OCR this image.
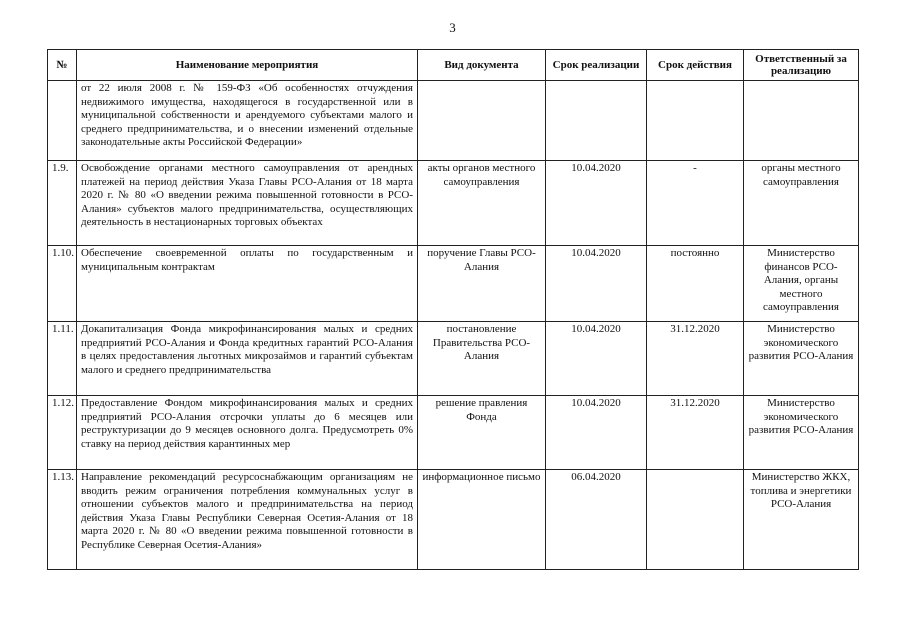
3
№	Наименование мероприятия	Вид документа	Срок реализации	Срок действия	Ответственный за реализацию
	от 22 июля 2008 г. № 159-ФЗ «Об особенностях отчуждения недвижимого имущества, находящегося в государственной или в муниципальной собственности и арендуемого субъектами малого и среднего предпринимательства, и о внесении изменений отдельные законодательные акты Российской Федерации»				
1.9.	Освобождение органами местного самоуправления от арендных платежей на период действия Указа Главы РСО-Алания от 18 марта 2020 г. № 80 «О введении режима повышенной готовности в РСО-Алания» субъектов малого предпринимательства, осуществляющих деятельность в нестационарных торговых объектах	акты органов местного самоуправления	10.04.2020	-	органы местного самоуправления
1.10.	Обеспечение своевременной оплаты по государственным и муниципальным контрактам	поручение Главы РСО-Алания	10.04.2020	постоянно	Министерство финансов РСО-Алания, органы местного самоуправления
1.11.	Докапитализация Фонда микрофинансирования малых и средних предприятий РСО-Алания и Фонда кредитных гарантий РСО-Алания в целях предоставления льготных микрозаймов и гарантий субъектам малого и среднего предпринимательства	постановление Правительства РСО-Алания	10.04.2020	31.12.2020	Министерство экономического развития РСО-Алания
1.12.	Предоставление Фондом микрофинансирования малых и средних предприятий РСО-Алания отсрочки уплаты до 6 месяцев или реструктуризации до 9 месяцев основного долга. Предусмотреть 0% ставку на период действия карантинных мер	решение правления Фонда	10.04.2020	31.12.2020	Министерство экономического развития РСО-Алания
1.13.	Направление рекомендаций ресурсоснабжающим организациям не вводить режим ограничения потребления коммунальных услуг в отношении субъектов малого и предпринимательства на период действия Указа Главы Республики Северная Осетия-Алания от 18 марта 2020 г. № 80 «О введении режима повышенной готовности в Республике Северная Осетия-Алания»	информационное письмо	06.04.2020		Министерство ЖКХ, топлива и энергетики РСО-Алания
